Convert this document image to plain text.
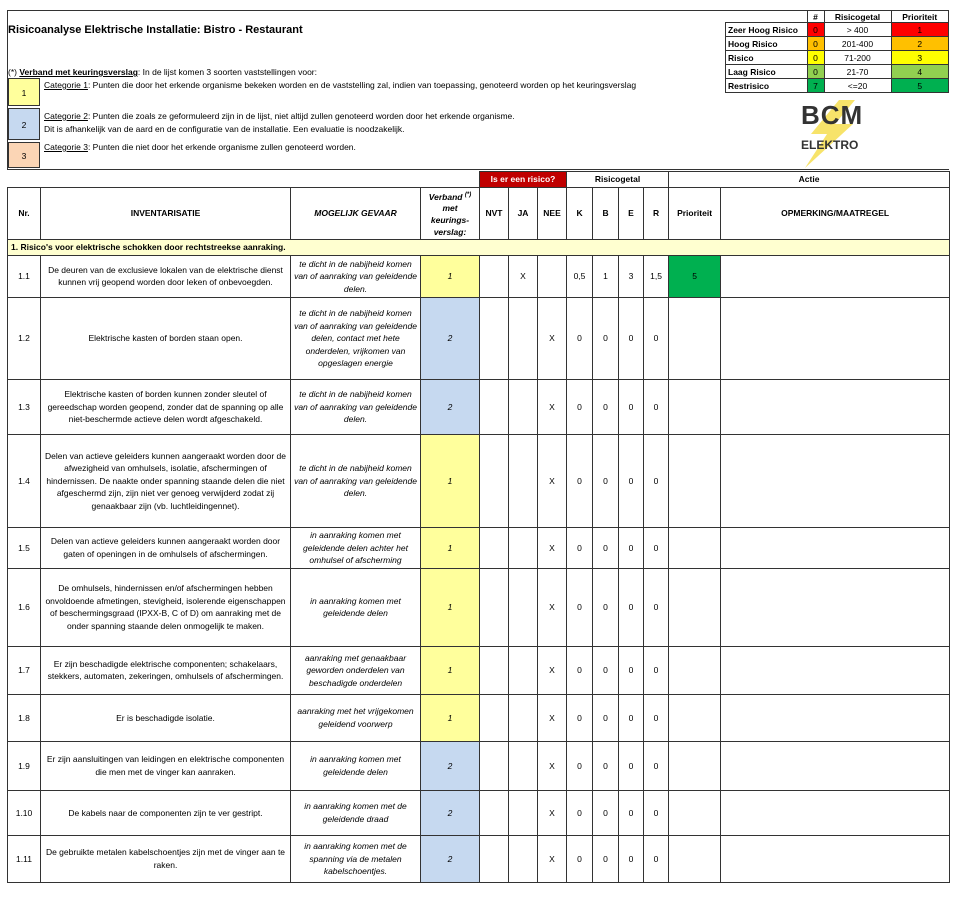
Risicoanalyse Elektrische Installatie: Bistro - Restaurant
(*) Verband met keuringsverslag: In de lijst komen 3 soorten vaststellingen voor:
1
Categorie 1: Punten die door het erkende organisme bekeken worden en de vaststelling zal, indien van toepassing, genoteerd worden op het keuringsverslag
2
Categorie 2: Punten die zoals ze geformuleerd zijn in de lijst, niet altijd zullen genoteerd worden door het erkende organisme.
Dit is afhankelijk van de aard en de configuratie van de installatie. Een evaluatie is noodzakelijk.
3
Categorie 3: Punten die niet door het erkende organisme zullen genoteerd worden.
	#	Risicogetal	Prioriteit
Zeer Hoog Risico	0	> 400	1
Hoog Risico	0	201-400	2
Risico	0	71-200	3
Laag Risico	0	21-70	4
Restrisico	7	<=20	5
BCM
ELEKTRO
				Is er een risico?			Risicogetal				Actie	
Nr.	INVENTARISATIE	MOGELIJK GEVAAR	Verband (*)
met
keurings-
verslag:	NVT	JA	NEE	K	B	E	R	Prioriteit	OPMERKING/MAATREGEL
1. Risico's voor elektrische schokken door rechtstreekse aanraking.												
1.1	De deuren van de exclusieve lokalen van de elektrische dienst kunnen vrij geopend worden door leken of onbevoegden.	te dicht in de nabijheid komen van of aanraking van geleidende delen.	1		X		0,5	1	3	1,5	5	
1.2	Elektrische kasten of borden staan open.	te dicht in de nabijheid komen van of aanraking van geleidende delen, contact met hete onderdelen, vrijkomen van opgeslagen energie	2			X	0	0	0	0		
1.3	Elektrische kasten of borden kunnen zonder sleutel of gereedschap worden geopend, zonder dat de spanning op alle niet-beschermde actieve delen wordt afgeschakeld.	te dicht in de nabijheid komen van of aanraking van geleidende delen.	2			X	0	0	0	0		
1.4	Delen van actieve geleiders kunnen aangeraakt worden door de afwezigheid van omhulsels, isolatie, afschermingen of hindernissen. De naakte onder spanning staande delen die niet afgeschermd zijn, zijn niet ver genoeg verwijderd zodat zij genaakbaar zijn (vb. luchtleidingennet).	te dicht in de nabijheid komen van of aanraking van geleidende delen.	1			X	0	0	0	0		
1.5	Delen van actieve geleiders kunnen aangeraakt worden door gaten of openingen in de omhulsels of afschermingen.	in aanraking komen met geleidende delen achter het omhulsel of afscherming	1			X	0	0	0	0		
1.6	De omhulsels, hindernissen en/of afschermingen hebben onvoldoende afmetingen, stevigheid, isolerende eigenschappen of beschermingsgraad (IPXX-B, C of D) om aanraking met de onder spanning staande delen onmogelijk te maken.	in aanraking komen met geleidende delen	1			X	0	0	0	0		
1.7	Er zijn beschadigde elektrische componenten; schakelaars, stekkers, automaten, zekeringen, omhulsels of afschermingen.	aanraking met genaakbaar geworden onderdelen van beschadigde onderdelen	1			X	0	0	0	0		
1.8	Er is beschadigde isolatie.	aanraking met het vrijgekomen geleidend voorwerp	1			X	0	0	0	0		
1.9	Er zijn aansluitingen van leidingen en elektrische componenten die men met de vinger kan aanraken.	in aanraking komen met geleidende delen	2			X	0	0	0	0		
1.10	De kabels naar de componenten zijn te ver gestript.	in aanraking komen met de geleidende draad	2			X	0	0	0	0		
1.11	De gebruikte metalen kabelschoentjes zijn met de vinger aan te raken.	in aanraking komen met de spanning via de metalen kabelschoentjes.	2			X	0	0	0	0		
